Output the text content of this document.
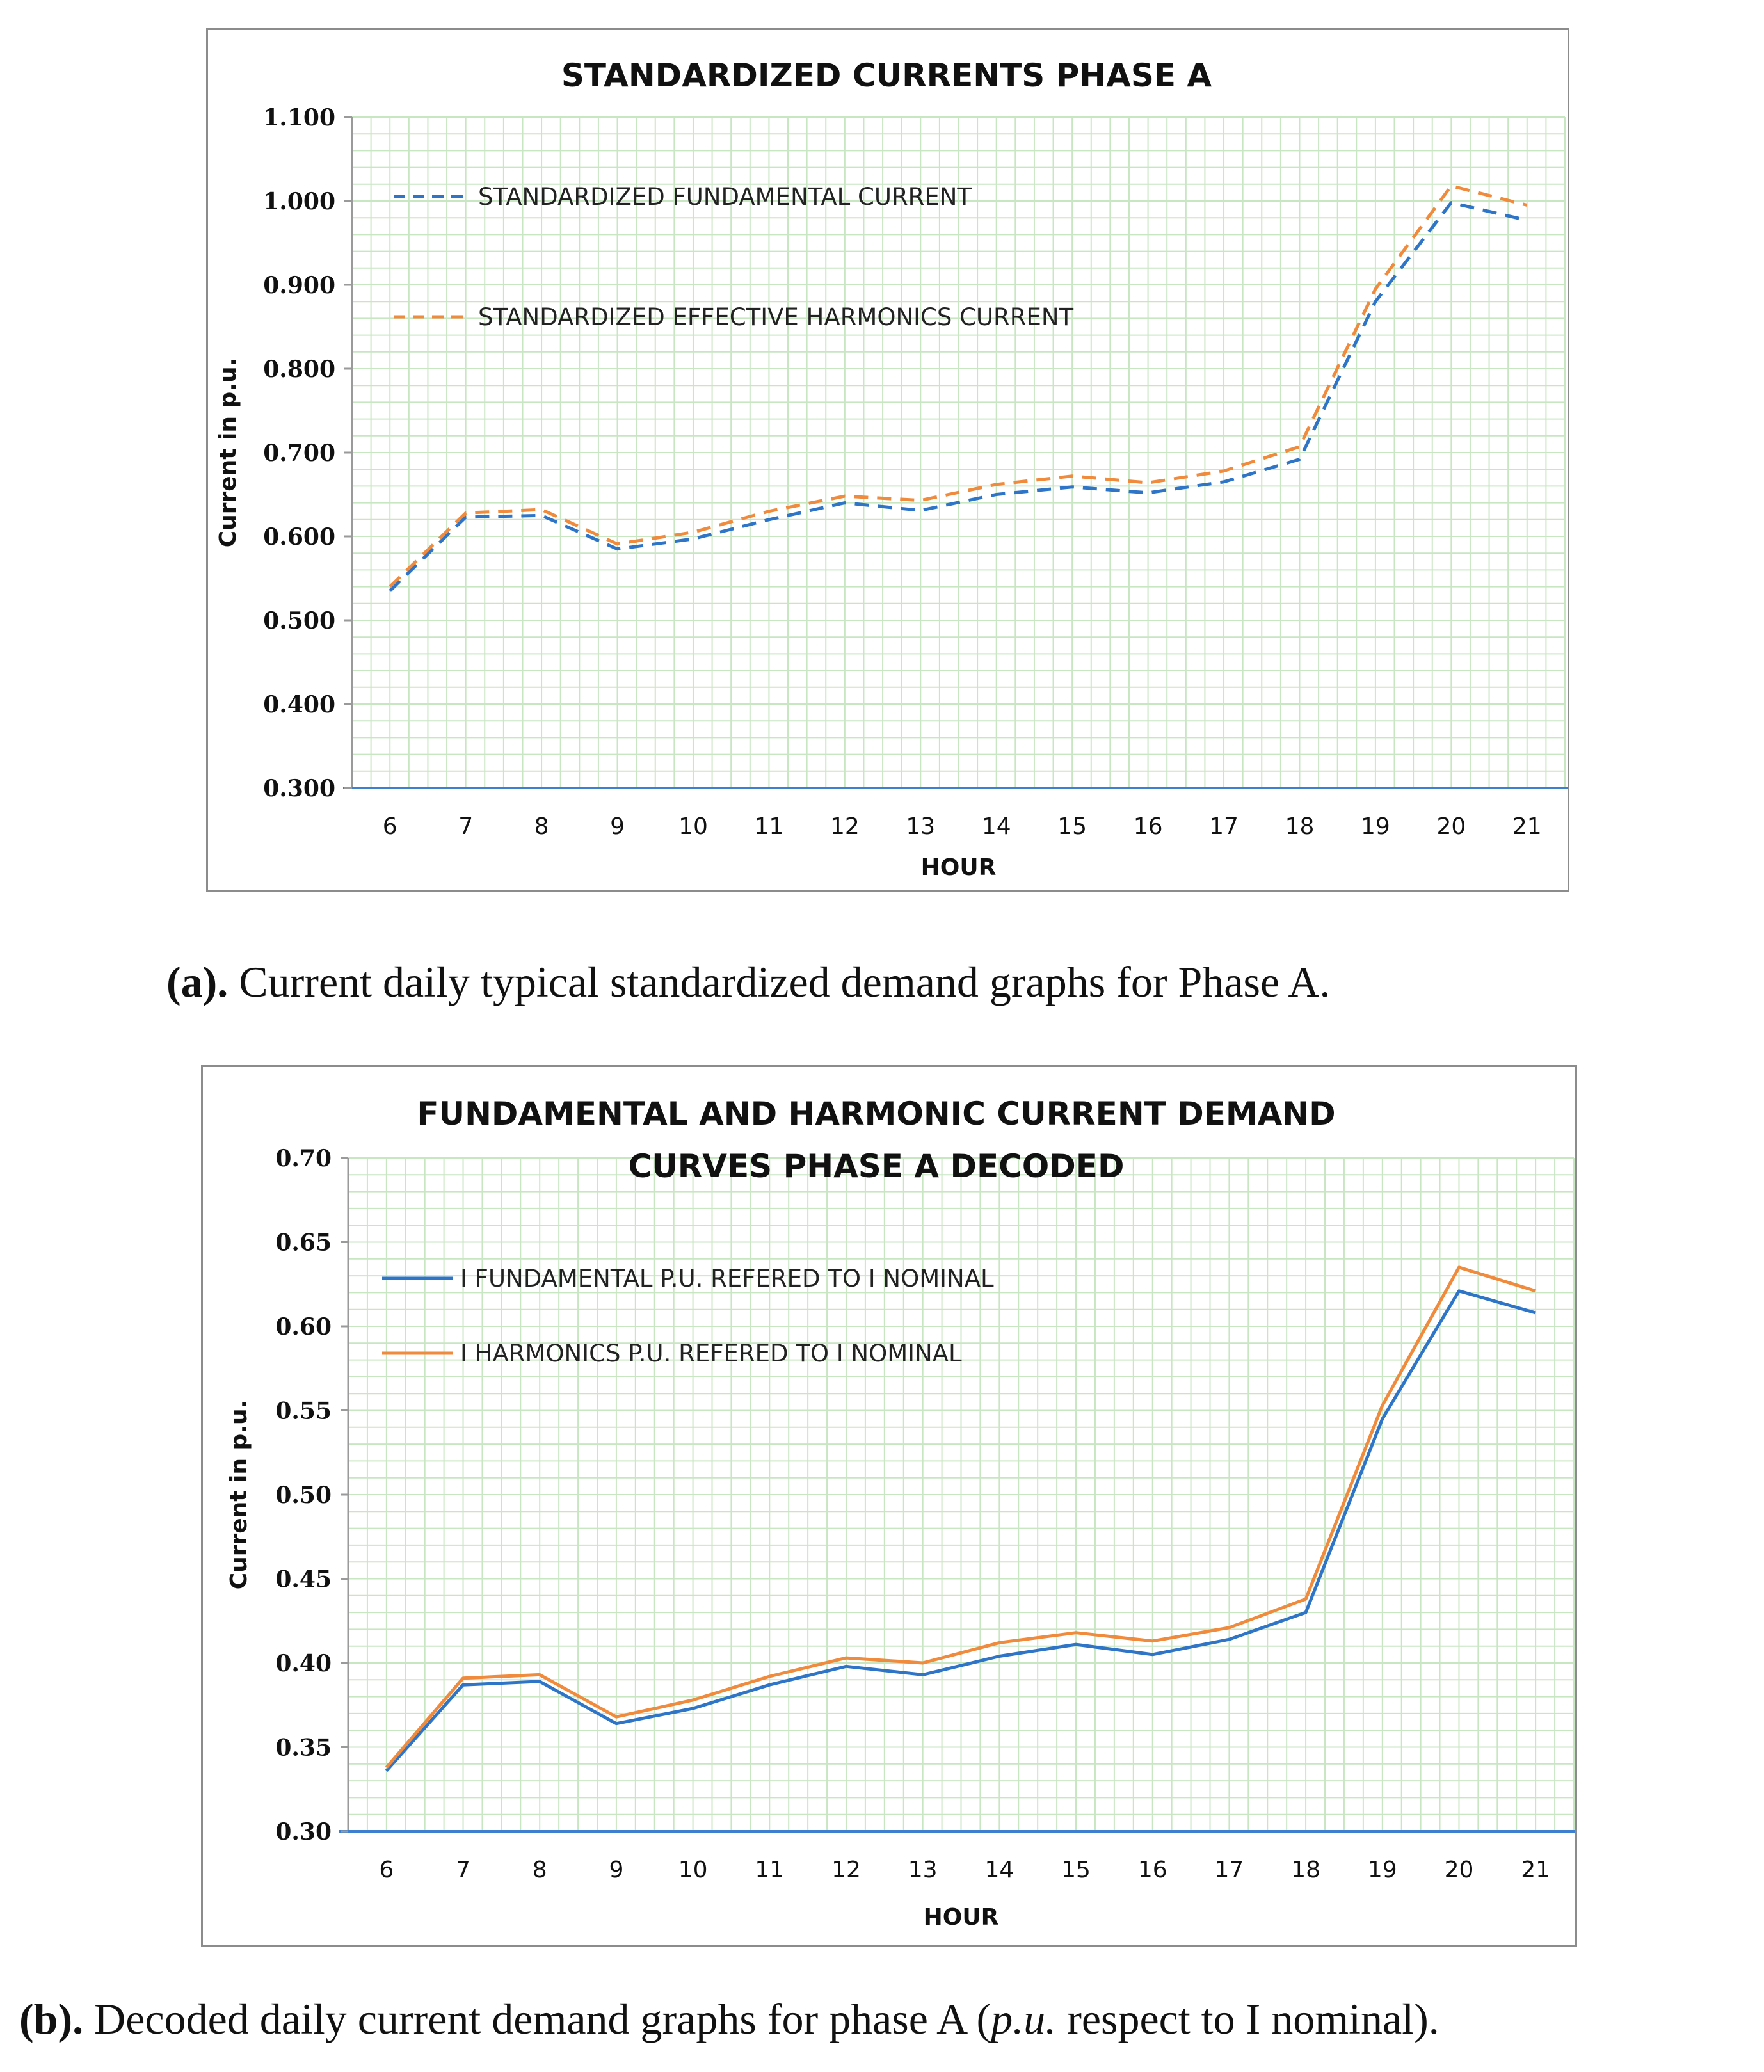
0.300
0.400
0.500
0.600
0.700
0.800
0.900
1.000
1.100
6	7	8	9 10 11 12 13 14 15 16 17 18 19 20 21
HOUR
Current in p.u.
STANDARDIZED CURRENTS PHASE A
STANDARDIZED FUNDAMENTAL CURRENT
STANDARDIZED EFFECTIVE HARMONICS CURRENT
(a). Current daily typical standardized demand graphs for Phase A.
0.30
0.35
0.40
0.45
0.50
0.55
0.60
0.65
0.70
6	7	8	9 10 11 12 13 14 15 16 17 18 19 20 21
HOUR
Current in p.u.
FUNDAMENTAL AND HARMONIC CURRENT DEMAND
CURVES PHASE A DECODED
I FUNDAMENTAL P.U. REFERED TO I NOMINAL
I HARMONICS P.U. REFERED TO I NOMINAL
(b). Decoded daily current demand graphs for phase A (p.u. respect to I nominal).
